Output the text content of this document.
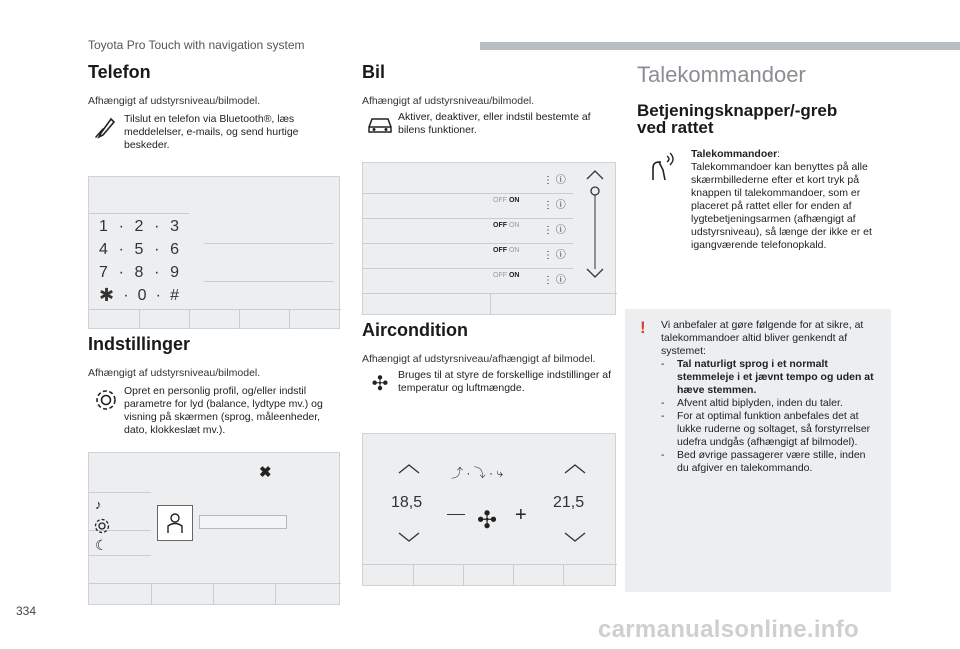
Toyota Pro Touch with navigation system
Telefon
Afhængigt af udstyrsniveau/bilmodel.
Tilslut en telefon via Bluetooth®, læs meddelelser, e-mails, og send hurtige beskeder.
1 · 2 · 3
4 · 5 · 6
7 · 8 · 9
✱ · 0 · #
Indstillinger
Afhængigt af udstyrsniveau/bilmodel.
Opret en personlig profil, og/eller indstil parametre for lyd (balance, lydtype mv.) og visning på skærmen (sprog, måleenheder, dato, klokkeslæt mv.).
✖
♪
☾
Bil
Afhængigt af udstyrsniveau/bilmodel.
Aktiver, deaktiver, eller indstil bestemte af bilens funktioner.
OFF ON
OFF ON
OFF ON
OFF ON
⋮ ⓘ
⋮ ⓘ
⋮ ⓘ
⋮ ⓘ
⋮ ⓘ
Aircondition
Afhængigt af udstyrsniveau/afhængigt af bilmodel.
✣ Bruges til at styre de forskellige indstillinger af temperatur og luftmængde.
18,5	21,5
⤴ · ⤵ · ⤷
✣ +
Talekommandoer
Betjeningsknapper/-greb ved rattet
Talekommandoer:
Talekommandoer kan benyttes på alle skærmbillederne efter et kort tryk på knappen til talekommandoer, som er placeret på rattet eller for enden af lygtebetjeningsarmen (afhængigt af udstyrsniveau), så længe der ikke er et igangværende telefonopkald.
! Vi anbefaler at gøre følgende for at sikre, at talekommandoer altid bliver genkendt af systemet:
-	Tal naturligt sprog i et normalt stemmeleje i et jævnt tempo og uden at hæve stemmen.
-	Afvent altid biplyden, inden du taler.
-	For at optimal funktion anbefales det at lukke ruderne og soltaget, så forstyrrelser udefra undgås (afhængigt af bilmodel).
-	Bed øvrige passagerer være stille, inden du afgiver en talekommando.
334
carmanualsonline.info
